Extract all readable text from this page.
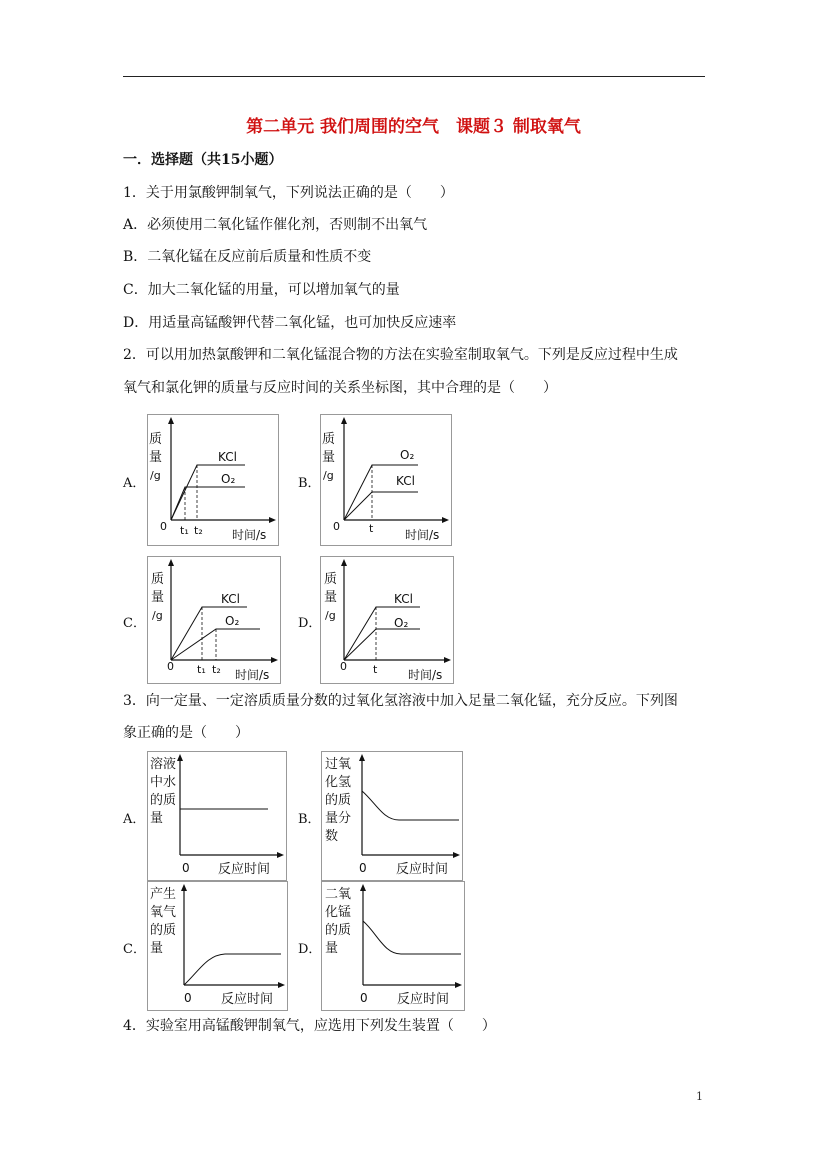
第二单元 我们周围的空气　课题３ 制取氧气
一．选择题（共15小题）
1．关于用氯酸钾制氧气，下列说法正确的是（　　）
A．必须使用二氧化锰作催化剂，否则制不出氧气
B．二氧化锰在反应前后质量和性质不变
C．加大二氧化锰的用量，可以增加氧气的量
D．用适量高锰酸钾代替二氧化锰，也可加快反应速率
2．可以用加热氯酸钾和二氧化锰混合物的方法在实验室制取氧气。下列是反应过程中生成
氧气和氯化钾的质量与反应时间的关系坐标图，其中合理的是（　　）
A．
质
量
/g
KCl
O₂
0 t₁ t₂ 时间/s
B．
质
量
/g
O₂
KCl
0	t	时间/s
C．
质
量
/g
KCl
O₂
0 t₁ t₂ 时间/s
D．
质
量
/g
KCl
O₂
0 t	时间/s
3．向一定量、一定溶质质量分数的过氧化氢溶液中加入足量二氧化锰，充分反应。下列图
象正确的是（　　）
A．
溶液
中水
的质
量
0 反应时间
B．
过氧
化氢
的质
量分
数
0 反应时间
C．
产生
氧气
的质
量
0 反应时间
D．
二氧
化锰
的质
量
0 反应时间
4．实验室用高锰酸钾制氧气，应选用下列发生装置（　　）
1
